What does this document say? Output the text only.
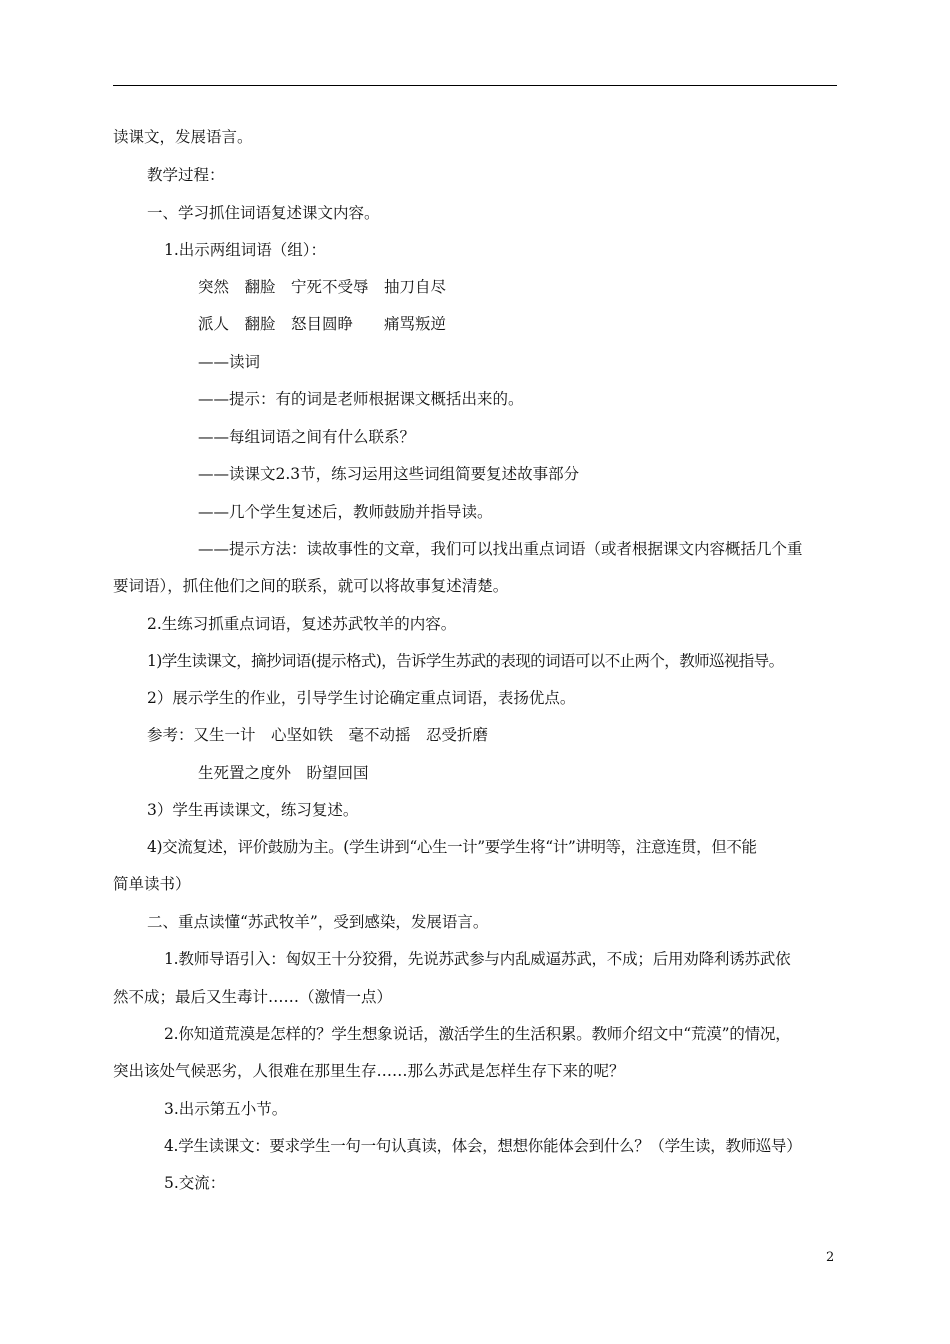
读课文，发展语言。
教学过程：
一、学习抓住词语复述课文内容。
1.出示两组词语（组）：
突然　翻脸　宁死不受辱　抽刀自尽
派人　翻脸　怒目圆睁　　痛骂叛逆
——读词
——提示：有的词是老师根据课文概括出来的。
——每组词语之间有什么联系？
——读课文2.3节，练习运用这些词组简要复述故事部分
——几个学生复述后，教师鼓励并指导读。
——提示方法：读故事性的文章，我们可以找出重点词语（或者根据课文内容概括几个重
要词语），抓住他们之间的联系，就可以将故事复述清楚。
2.生练习抓重点词语，复述苏武牧羊的内容。
1)学生读课文，摘抄词语(提示格式)，告诉学生苏武的表现的词语可以不止两个，教师巡视指导。
2）展示学生的作业，引导学生讨论确定重点词语，表扬优点。
参考：又生一计　心坚如铁　毫不动摇　忍受折磨
生死置之度外　盼望回国
3）学生再读课文，练习复述。
4)交流复述，评价鼓励为主。(学生讲到“心生一计”要学生将“计”讲明等，注意连贯，但不能
简单读书）
二、重点读懂“苏武牧羊”，受到感染，发展语言。
1.教师导语引入：匈奴王十分狡猾，先说苏武参与内乱威逼苏武，不成；后用劝降利诱苏武依
然不成；最后又生毒计……（激情一点）
2.你知道荒漠是怎样的？学生想象说话，激活学生的生活积累。教师介绍文中“荒漠”的情况，
突出该处气候恶劣，人很难在那里生存……那么苏武是怎样生存下来的呢？
3.出示第五小节。
4.学生读课文：要求学生一句一句认真读，体会，想想你能体会到什么？（学生读，教师巡导）
5.交流：
2
